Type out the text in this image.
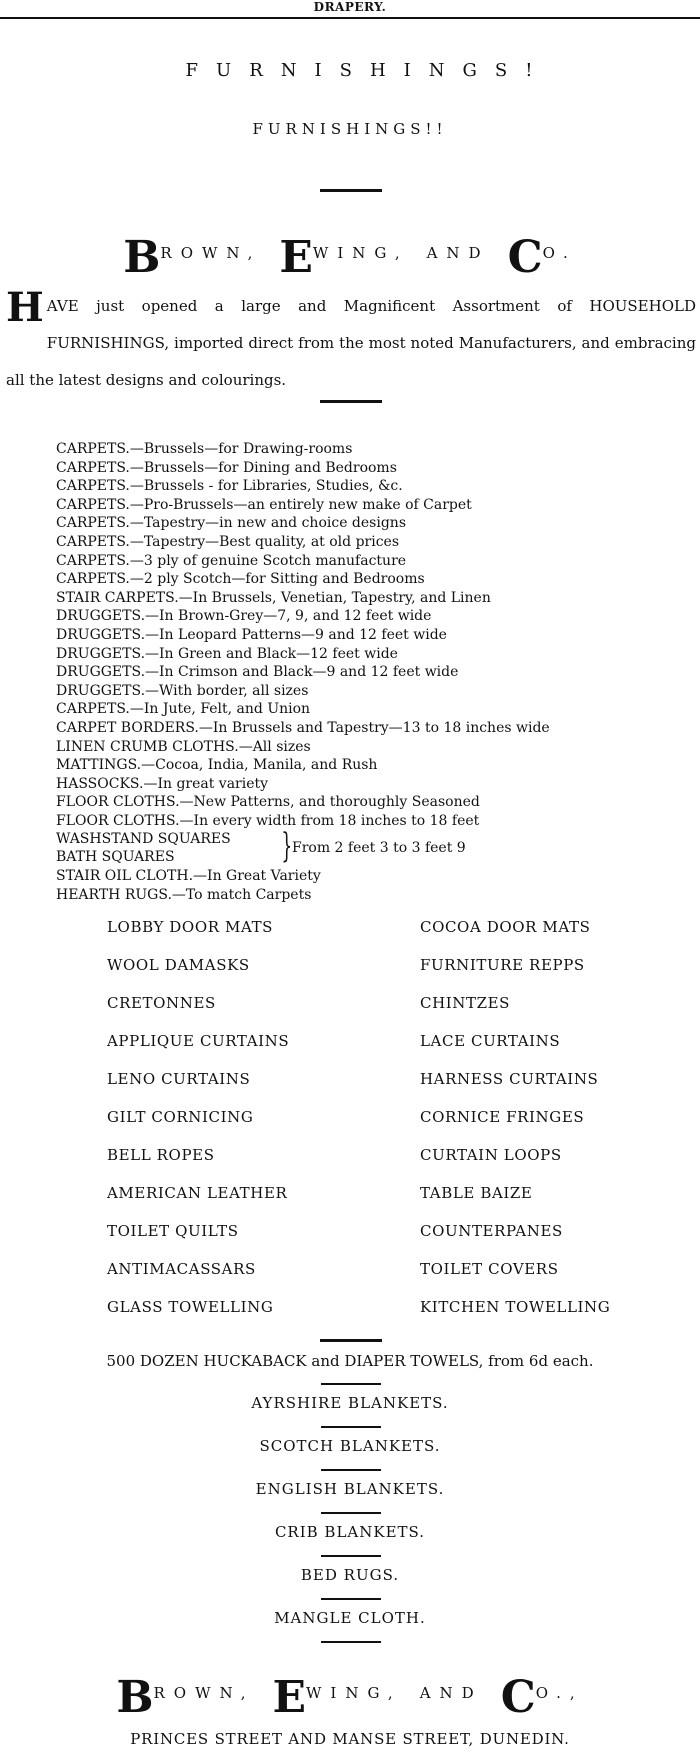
DRAPERY.
FURNISHINGS!
FURNISHINGS!!
BROWN, EWING, AND CO.
HAVE just opened a large and Magnificent Assortment of HOUSEHOLD FURNISHINGS, imported direct from the most noted Manufacturers, and embracing all the latest designs and colourings.
CARPETS.—Brussels—for Drawing-rooms
CARPETS.—Brussels—for Dining and Bedrooms
CARPETS.—Brussels - for Libraries, Studies, &c.
CARPETS.—Pro-Brussels—an entirely new make of Carpet
CARPETS.—Tapestry—in new and choice designs
CARPETS.—Tapestry—Best quality, at old prices
CARPETS.—3 ply of genuine Scotch manufacture
CARPETS.—2 ply Scotch—for Sitting and Bedrooms
STAIR CARPETS.—In Brussels, Venetian, Tapestry, and Linen
DRUGGETS.—In Brown-Grey—7, 9, and 12 feet wide
DRUGGETS.—In Leopard Patterns—9 and 12 feet wide
DRUGGETS.—In Green and Black—12 feet wide
DRUGGETS.—In Crimson and Black—9 and 12 feet wide
DRUGGETS.—With border, all sizes
CARPETS.—In Jute, Felt, and Union
CARPET BORDERS.—In Brussels and Tapestry—13 to 18 inches wide
LINEN CRUMB CLOTHS.—All sizes
MATTINGS.—Cocoa, India, Manila, and Rush
HASSOCKS.—In great variety
FLOOR CLOTHS.—New Patterns, and thoroughly Seasoned
FLOOR CLOTHS.—In every width from 18 inches to 18 feet
WASHSTAND SQUARES
BATH SQUARES	} From 2 feet 3 to 3 feet 9
STAIR OIL CLOTH.—In Great Variety
HEARTH RUGS.—To match Carpets
LOBBY DOOR MATS
WOOL DAMASKS
CRETONNES
APPLIQUE CURTAINS
LENO CURTAINS
GILT CORNICING
BELL ROPES
AMERICAN LEATHER
TOILET QUILTS
ANTIMACASSARS
GLASS TOWELLING
COCOA DOOR MATS
FURNITURE REPPS
CHINTZES
LACE CURTAINS
HARNESS CURTAINS
CORNICE FRINGES
CURTAIN LOOPS
TABLE BAIZE
COUNTERPANES
TOILET COVERS
KITCHEN TOWELLING
500 DOZEN HUCKABACK and DIAPER TOWELS, from 6d each.
AYRSHIRE BLANKETS.
SCOTCH BLANKETS.
ENGLISH BLANKETS.
CRIB BLANKETS.
BED RUGS.
MANGLE CLOTH.
BROWN, EWING, AND CO.,
PRINCES STREET AND MANSE STREET, DUNEDIN.
